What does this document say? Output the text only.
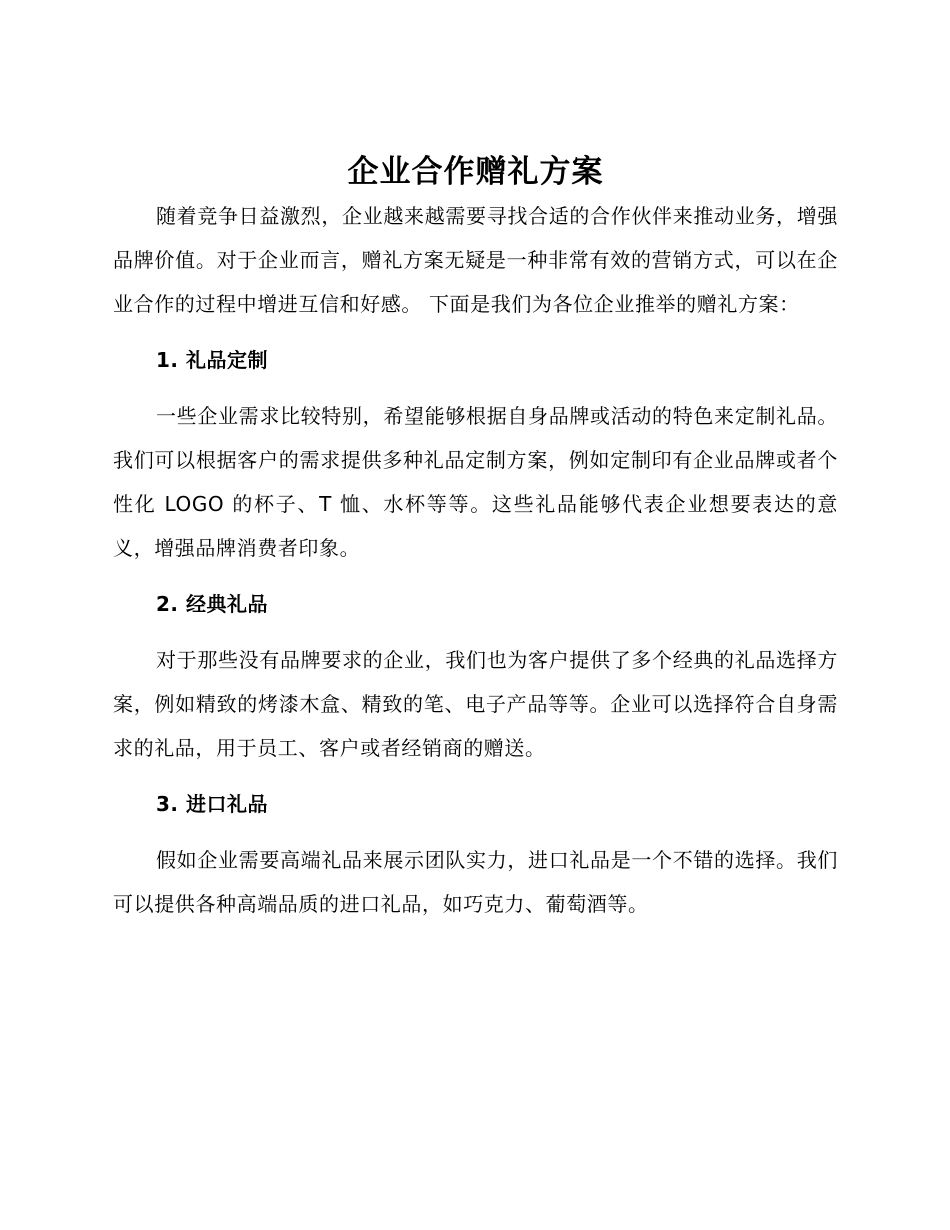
企业合作赠礼方案

随着竞争日益激烈，企业越来越需要寻找合适的合作伙伴来推动业务，增强品牌价值。对于企业而言，赠礼方案无疑是一种非常有效的营销方式，可以在企业合作的过程中增进互信和好感。 下面是我们为各位企业推举的赠礼方案：

1. 礼品定制

一些企业需求比较特别，希望能够根据自身品牌或活动的特色来定制礼品。我们可以根据客户的需求提供多种礼品定制方案，例如定制印有企业品牌或者个性化 LOGO 的杯子、T 恤、水杯等等。这些礼品能够代表企业想要表达的意义，增强品牌消费者印象。

2. 经典礼品

对于那些没有品牌要求的企业，我们也为客户提供了多个经典的礼品选择方案，例如精致的烤漆木盒、精致的笔、电子产品等等。企业可以选择符合自身需求的礼品，用于员工、客户或者经销商的赠送。

3. 进口礼品

假如企业需要高端礼品来展示团队实力，进口礼品是一个不错的选择。我们可以提供各种高端品质的进口礼品，如巧克力、葡萄酒等。
